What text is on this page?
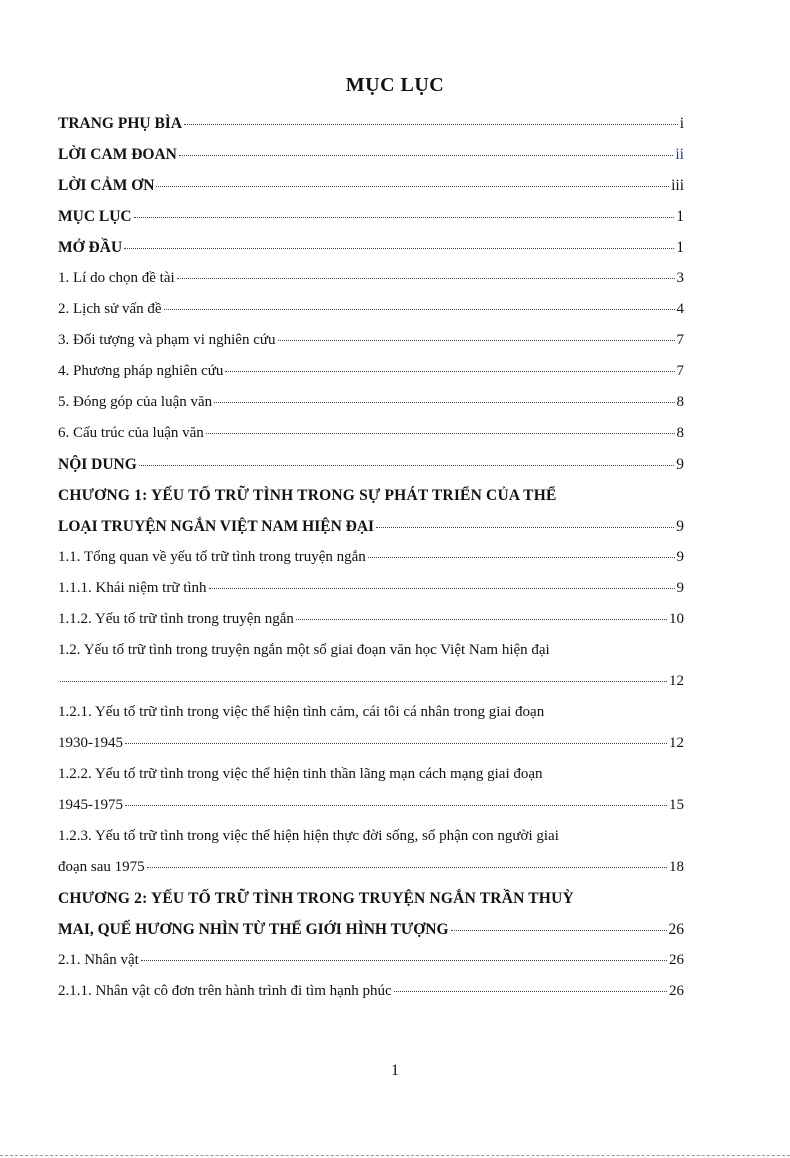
MỤC LỤC
TRANG PHỤ BÌA	i
LỜI CAM ĐOAN	ii
LỜI CẢM ƠN	iii
MỤC LỤC	1
MỞ ĐẦU	1
1. Lí do chọn đề tài	3
2. Lịch sử vấn đề	4
3. Đối tượng và phạm vi nghiên cứu	7
4. Phương pháp nghiên cứu	7
5. Đóng góp của luận văn	8
6. Cấu trúc của luận văn	8
NỘI DUNG	9
CHƯƠNG 1: YẾU TỐ TRỮ TÌNH TRONG SỰ PHÁT TRIỂN CỦA THỂ
LOẠI TRUYỆN NGẮN VIỆT NAM HIỆN ĐẠI	9
1.1. Tổng quan về yếu tố trữ tình trong truyện ngắn	9
1.1.1. Khái niệm trữ tình	9
1.1.2. Yếu tố trữ tình trong truyện ngắn	10
1.2. Yếu tố trữ tình trong truyện ngắn một số giai đoạn văn học Việt Nam hiện đại
12
1.2.1. Yếu tố trữ tình trong việc thể hiện tình cảm, cái tôi cá nhân trong giai đoạn
1930-1945	12
1.2.2. Yếu tố trữ tình trong việc thể hiện tinh thần lãng mạn cách mạng giai đoạn
1945-1975	15
1.2.3. Yếu tố trữ tình trong việc thể hiện hiện thực đời sống, số phận con người giai
đoạn sau 1975	18
CHƯƠNG 2: YẾU TỐ TRỮ TÌNH TRONG TRUYỆN NGẮN TRẦN THUỲ
MAI, QUẾ HƯƠNG NHÌN TỪ THẾ GIỚI HÌNH TƯỢNG	26
2.1. Nhân vật	26
2.1.1. Nhân vật cô đơn trên hành trình đi tìm hạnh phúc	26
1
